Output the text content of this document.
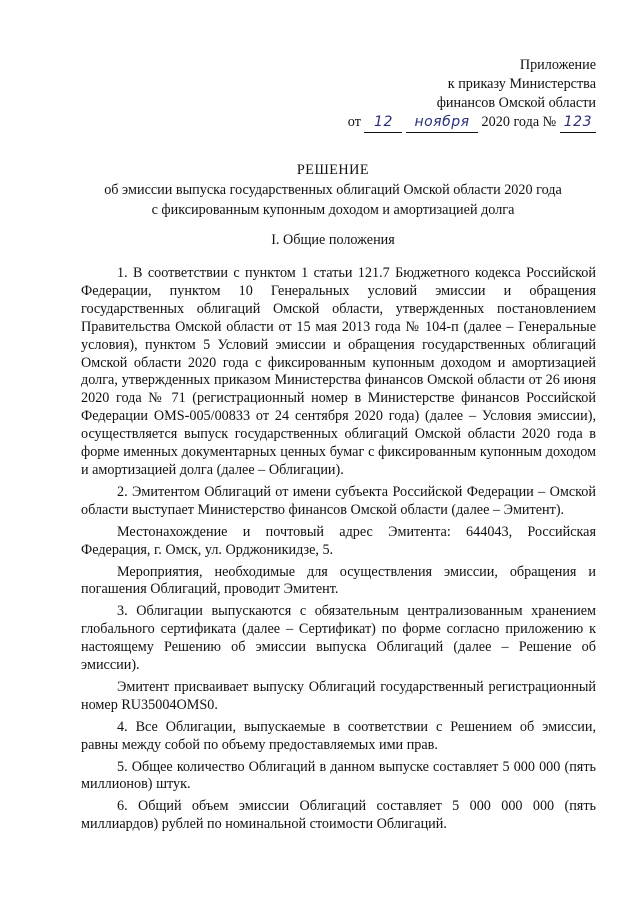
Приложение
к приказу Министерства
финансов Омской области
от 12 ноября 2020 года № 123
РЕШЕНИЕ
об эмиссии выпуска государственных облигаций Омской области 2020 года
с фиксированным купонным доходом и амортизацией долга
I. Общие положения

1. В соответствии с пунктом 1 статьи 121.7 Бюджетного кодекса Российской Федерации, пунктом 10 Генеральных условий эмиссии и обращения государственных облигаций Омской области, утвержденных постановлением Правительства Омской области от 15 мая 2013 года № 104-п (далее – Генеральные условия), пунктом 5 Условий эмиссии и обращения государственных облигаций Омской области 2020 года с фиксированным купонным доходом и амортизацией долга, утвержденных приказом Министерства финансов Омской области от 26 июня 2020 года № 71 (регистрационный номер в Министерстве финансов Российской Федерации OMS-005/00833 от 24 сентября 2020 года) (далее – Условия эмиссии), осуществляется выпуск государственных облигаций Омской области 2020 года в форме именных документарных ценных бумаг с фиксированным купонным доходом и амортизацией долга (далее – Облигации).

2. Эмитентом Облигаций от имени субъекта Российской Федерации – Омской области выступает Министерство финансов Омской области (далее – Эмитент).

Местонахождение и почтовый адрес Эмитента: 644043, Российская Федерация, г. Омск, ул. Орджоникидзе, 5.

Мероприятия, необходимые для осуществления эмиссии, обращения и погашения Облигаций, проводит Эмитент.

3. Облигации выпускаются с обязательным централизованным хранением глобального сертификата (далее – Сертификат) по форме согласно приложению к настоящему Решению об эмиссии выпуска Облигаций (далее – Решение об эмиссии).

Эмитент присваивает выпуску Облигаций государственный регистрационный номер RU35004OMS0.

4. Все Облигации, выпускаемые в соответствии с Решением об эмиссии, равны между собой по объему предоставляемых ими прав.

5. Общее количество Облигаций в данном выпуске составляет 5 000 000 (пять миллионов) штук.

6. Общий объем эмиссии Облигаций составляет 5 000 000 000 (пять миллиардов) рублей по номинальной стоимости Облигаций.
